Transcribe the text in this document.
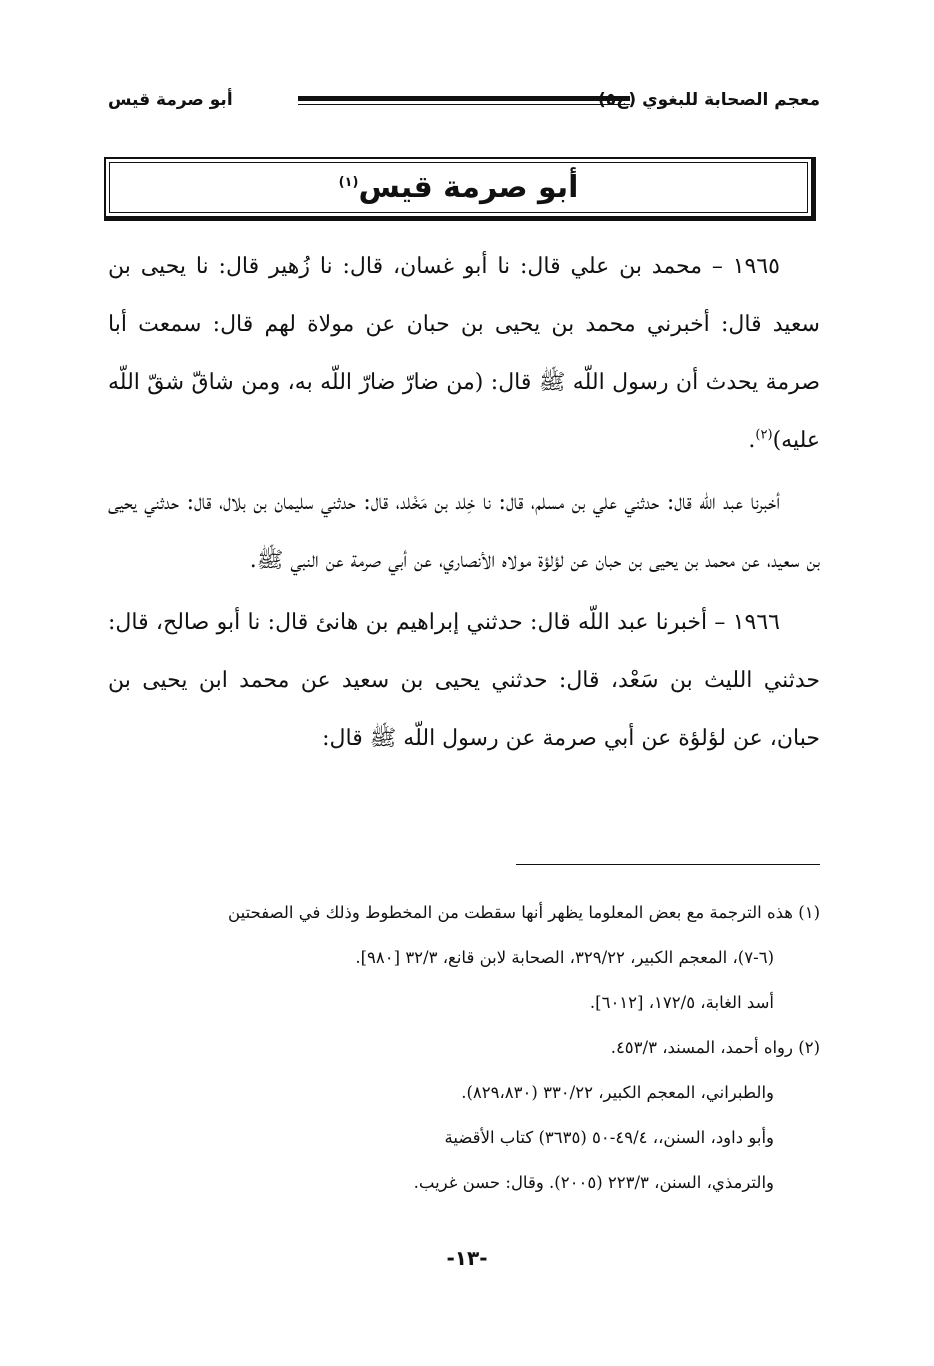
معجم الصحابة للبغوي (ج٥)
أبو صرمة قيس
أبو صرمة قيس$^{(١)}$

١٩٦٥ – محمد بن علي قال: نا أبو غسان، قال: نا زُهير قال: نا يحيى بن سعيد قال: أخبرني محمد بن يحيى بن حبان عن مولاة لهم قال: سمعت أبا صرمة يحدث أن رسول اللّه ﷺ قال: (من ضارّ ضارّ اللّه به، ومن شاقّ شقّ اللّه عليه)$^{(٢)}$.

أخبرنا عبد اللّه قال: حدثني علي بن مسلم، قال: نا خِلد بن مَخْلد، قال: حدثني سليمان بن بلال، قال: حدثني يحيى بن سعيد، عن محمد بن يحيى بن حبان عن لؤلؤة مولاه الأنصاري، عن أبي صرمة عن النبي ﷺ.

١٩٦٦ – أخبرنا عبد اللّه قال: حدثني إبراهيم بن هانئ قال: نا أبو صالح، قال: حدثني الليث بن سَعْد، قال: حدثني يحيى بن سعيد عن محمد ابن يحيى بن حبان، عن لؤلؤة عن أبي صرمة عن رسول اللّه ﷺ قال:

(١) هذه الترجمة مع بعض المعلوما يظهر أنها سقطت من المخطوط وذلك في الصفحتين

(٦-٧)، المعجم الكبير، ٣٢٩/٢٢، الصحابة لابن قانع، ٣٢/٣ [٩٨٠].

أسد الغابة، ١٧٢/٥، [٦٠١٢].

(٢) رواه أحمد، المسند، ٤٥٣/٣.

والطبراني، المعجم الكبير، ٣٣٠/٢٢ (٨٢٩،٨٣٠).

وأبو داود، السنن،، ٤٩/٤-٥٠ (٣٦٣٥) كتاب الأقضية

والترمذي، السنن، ٢٢٣/٣ (٢٠٠٥). وقال: حسن غريب.

-١٣-
